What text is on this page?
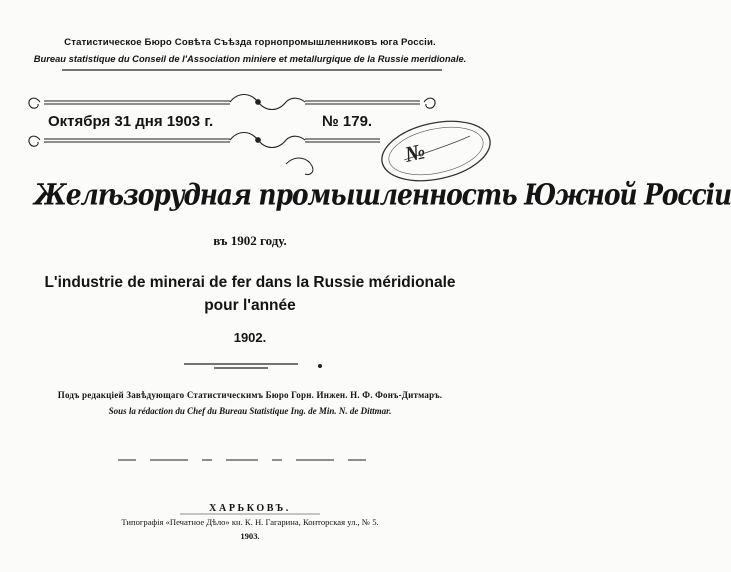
Статистическое Бюро Совѣта Съѣзда горнопромышленниковъ юга Россіи.
Bureau statistique du Conseil de l'Association miniere et metallurgique de la Russie meridionale.
Октября 31 дня 1903 г.	№ 179.
№
Желѣзорудная промышленность Южной Россіи
въ 1902 году.
L'industrie de minerai de fer dans la Russie méridionale
pour l'année
1902.
Подъ редакціей Завѣдующаго Статистическимъ Бюро Горн. Инжен. Н. Ф. Фонъ-Дитмаръ.
Sous la rédaction du Chef du Bureau Statistique Ing. de Min. N. de Dittmar.
ХАРЬКОВЪ.
Типографія «Печатное Дѣло» кн. К. Н. Гагарина, Конторская ул., № 5.
1903.
